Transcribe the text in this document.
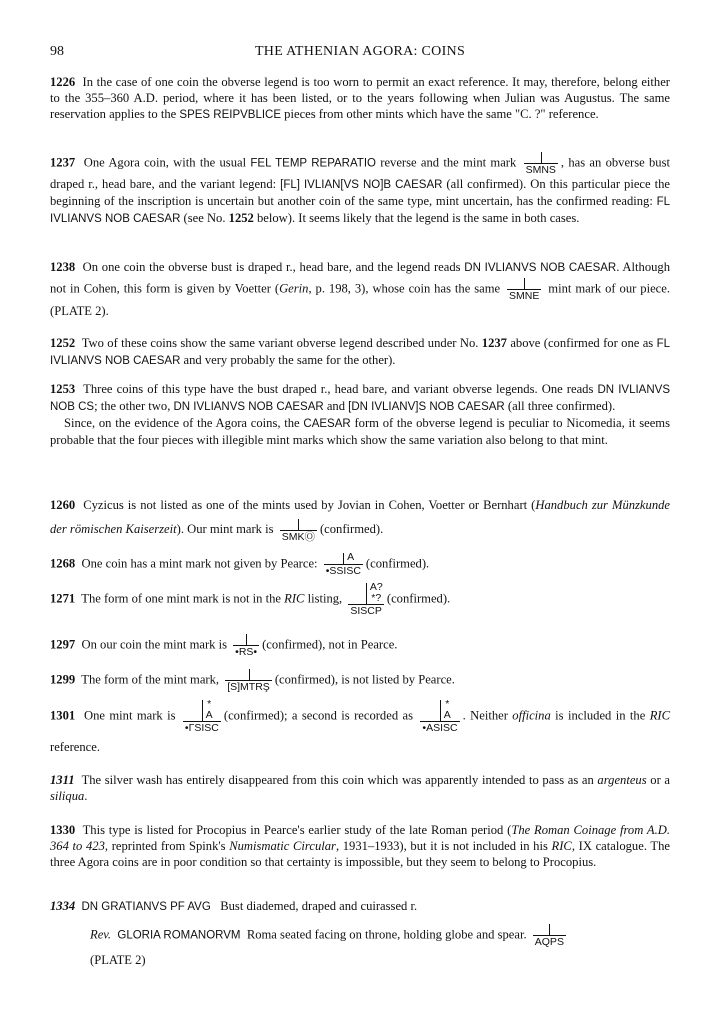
98	THE ATHENIAN AGORA: COINS
1226 In the case of one coin the obverse legend is too worn to permit an exact reference. It may, therefore, belong either to the 355–360 A.D. period, where it has been listed, or to the years following when Julian was Augustus. The same reservation applies to the SPES REIPVBLICE pieces from other mints which have the same "C. ?" reference.
1237 One Agora coin, with the usual FEL TEMP REPARATIO reverse and the mint mark
SMNS
, has an obverse bust draped r., head bare, and the variant legend: [FL] IVLIAN[VS NO]B CAESAR (all confirmed). On this particular piece the beginning of the inscription is uncertain but another coin of the same type, mint uncertain, has the confirmed reading: FL IVLIANVS NOB CAESAR (see No. 1252 below). It seems likely that the legend is the same in both cases.
1238 On one coin the obverse bust is draped r., head bare, and the legend reads DN IVLIANVS NOB CAESAR. Although not in Cohen, this form is given by Voetter (Gerin, p. 198, 3), whose coin has the same
SMNE
mint mark of our piece. (PLATE 2).
1252 Two of these coins show the same variant obverse legend described under No. 1237 above (confirmed for one as FL IVLIANVS NOB CAESAR and very probably the same for the other).
1253 Three coins of this type have the bust draped r., head bare, and variant obverse legends. One reads DN IVLIANVS NOB CS; the other two, DN IVLIANVS NOB CAESAR and [DN IVLIANV]S NOB CAESAR (all three confirmed).
Since, on the evidence of the Agora coins, the CAESAR form of the obverse legend is peculiar to Nicomedia, it seems probable that the four pieces with illegible mint marks which show the same variation also belong to that mint.
1260 Cyzicus is not listed as one of the mints used by Jovian in Cohen, Voetter or Bernhart (Handbuch zur Münzkunde der römischen Kaiserzeit). Our mint mark is
SMKⓄ
(confirmed).
1268 One coin has a mint mark not given by Pearce:	A
•SSISC
(confirmed).
1271 The form of one mint mark is not in the RIC listing,
A?
*?
SISCP
(confirmed).
1297 On our coin the mint mark is
•RS•
(confirmed), not in Pearce.
1299 The form of the mint mark,
[S]MTRŞ
(confirmed), is not listed by Pearce.
1301 One mint mark is
*
A
•ΓSISC
(confirmed); a second is recorded as
*
A
•ASISC
. Neither officina is included in the RIC reference.
1311 The silver wash has entirely disappeared from this coin which was apparently intended to pass as an argenteus or a siliqua.
1330 This type is listed for Procopius in Pearce's earlier study of the late Roman period (The Roman Coinage from A.D. 364 to 423, reprinted from Spink's Numismatic Circular, 1931–1933), but it is not included in his RIC, IX catalogue. The three Agora coins are in poor condition so that certainty is impossible, but they seem to belong to Procopius.
1334 DN GRATIANVS PF AVG Bust diademed, draped and cuirassed r.
Rev. GLORIA ROMANORVM Roma seated facing on throne, holding globe and spear.
AQPS
(PLATE 2)
